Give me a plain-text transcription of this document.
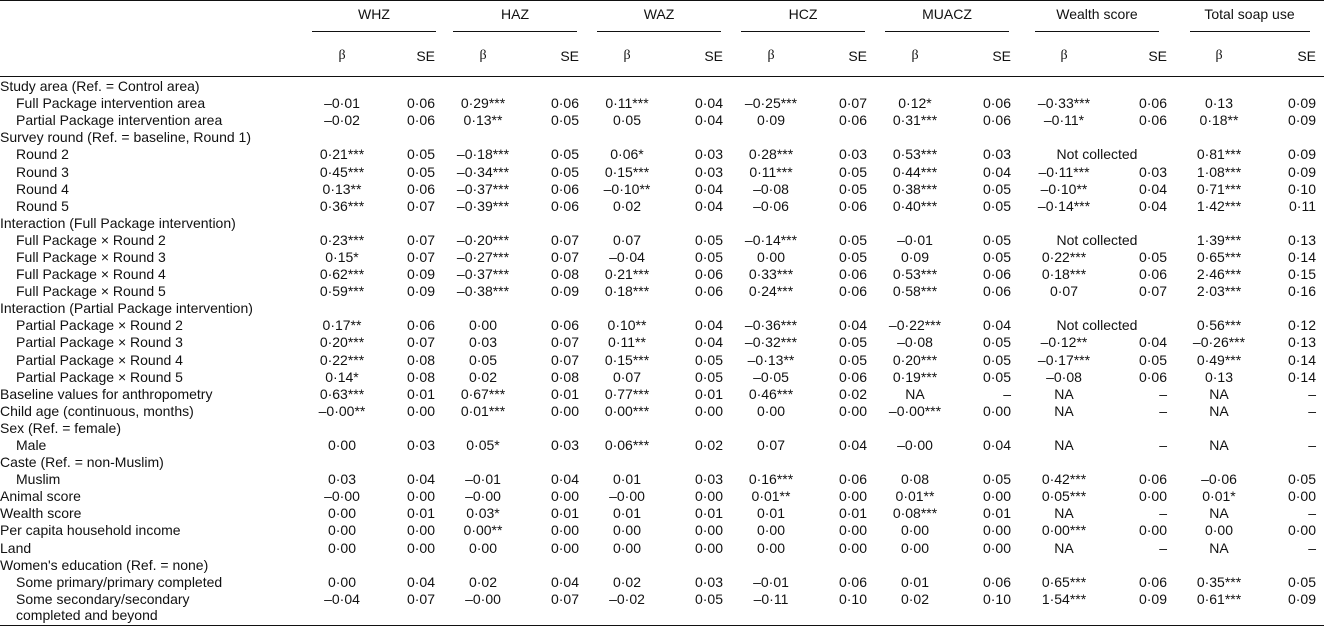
	WHZ		HAZ		WAZ		HCZ		MUACZ		Wealth score		Total soap use	
	β	SE	β	SE	β	SE	β	SE	β	SE	β	SE	β	SE
Study area (Ref. = Control area)														
Full Package intervention area	–0·01	0·06	0·29***	0·06	0·11***	0·04	–0·25***	0·07	0·12*	0·06	–0·33***	0·06	0·13	0·09
Partial Package intervention area	–0·02	0·06	0·13**	0·05	0·05	0·04	0·09	0·06	0·31***	0·06	–0·11*	0·06	0·18**	0·09
Survey round (Ref. = baseline, Round 1)														
Round 2	0·21***	0·05	–0·18***	0·05	0·06*	0·03	0·28***	0·03	0·53***	0·03	Not collected		0·81***	0·09
Round 3	0·45***	0·05	–0·34***	0·05	0·15***	0·03	0·11***	0·05	0·44***	0·04	–0·11***	0·03	1·08***	0·09
Round 4	0·13**	0·06	–0·37***	0·06	–0·10**	0·04	–0·08	0·05	0·38***	0·05	–0·10**	0·04	0·71***	0·10
Round 5	0·36***	0·07	–0·39***	0·06	0·02	0·04	–0·06	0·06	0·40***	0·05	–0·14***	0·04	1·42***	0·11
Interaction (Full Package intervention)														
Full Package × Round 2	0·23***	0·07	–0·20***	0·07	0·07	0·05	–0·14***	0·05	–0·01	0·05	Not collected		1·39***	0·13
Full Package × Round 3	0·15*	0·07	–0·27***	0·07	–0·04	0·05	0·00	0·05	0·09	0·05	0·22***	0·05	0·65***	0·14
Full Package × Round 4	0·62***	0·09	–0·37***	0·08	0·21***	0·06	0·33***	0·06	0·53***	0·06	0·18***	0·06	2·46***	0·15
Full Package × Round 5	0·59***	0·09	–0·38***	0·09	0·18***	0·06	0·24***	0·06	0·58***	0·06	0·07	0·07	2·03***	0·16
Interaction (Partial Package intervention)														
Partial Package × Round 2	0·17**	0·06	0·00	0·06	0·10**	0·04	–0·36***	0·04	–0·22***	0·04	Not collected		0·56***	0·12
Partial Package × Round 3	0·20***	0·07	0·03	0·07	0·11**	0·04	–0·32***	0·05	–0·08	0·05	–0·12**	0·04	–0·26***	0·13
Partial Package × Round 4	0·22***	0·08	0·05	0·07	0·15***	0·05	–0·13**	0·05	0·20***	0·05	–0·17***	0·05	0·49***	0·14
Partial Package × Round 5	0·14*	0·08	0·02	0·08	0·07	0·05	–0·05	0·06	0·19***	0·05	–0·08	0·06	0·13	0·14
Baseline values for anthropometry	0·63***	0·01	0·67***	0·01	0·77***	0·01	0·46***	0·02	NA	–	NA	–	NA	–
Child age (continuous, months)	–0·00**	0·00	0·01***	0·00	0·00***	0·00	0·00	0·00	–0·00***	0·00	NA	–	NA	–
Sex (Ref. = female)														
Male	0·00	0·03	0·05*	0·03	0·06***	0·02	0·07	0·04	–0·00	0·04	NA	–	NA	–
Caste (Ref. = non-Muslim)														
Muslim	0·03	0·04	–0·01	0·04	0·01	0·03	0·16***	0·06	0·08	0·05	0·42***	0·06	–0·06	0·05
Animal score	–0·00	0·00	–0·00	0·00	–0·00	0·00	0·01**	0·00	0·01**	0·00	0·05***	0·00	0·01*	0·00
Wealth score	0·00	0·01	0·03*	0·01	0·01	0·01	0·01	0·01	0·08***	0·01	NA	–	NA	–
Per capita household income	0·00	0·00	0·00**	0·00	0·00	0·00	0·00	0·00	0·00	0·00	0·00***	0·00	0·00	0·00
Land	0·00	0·00	0·00	0·00	0·00	0·00	0·00	0·00	0·00	0·00	NA	–	NA	–
Women's education (Ref. = none)														
Some primary/primary completed	0·00	0·04	0·02	0·04	0·02	0·03	–0·01	0·06	0·01	0·06	0·65***	0·06	0·35***	0·05
Some secondary/secondary completed and beyond	–0·04	0·07	–0·00	0·07	–0·02	0·05	–0·11	0·10	0·02	0·10	1·54***	0·09	0·61***	0·09
